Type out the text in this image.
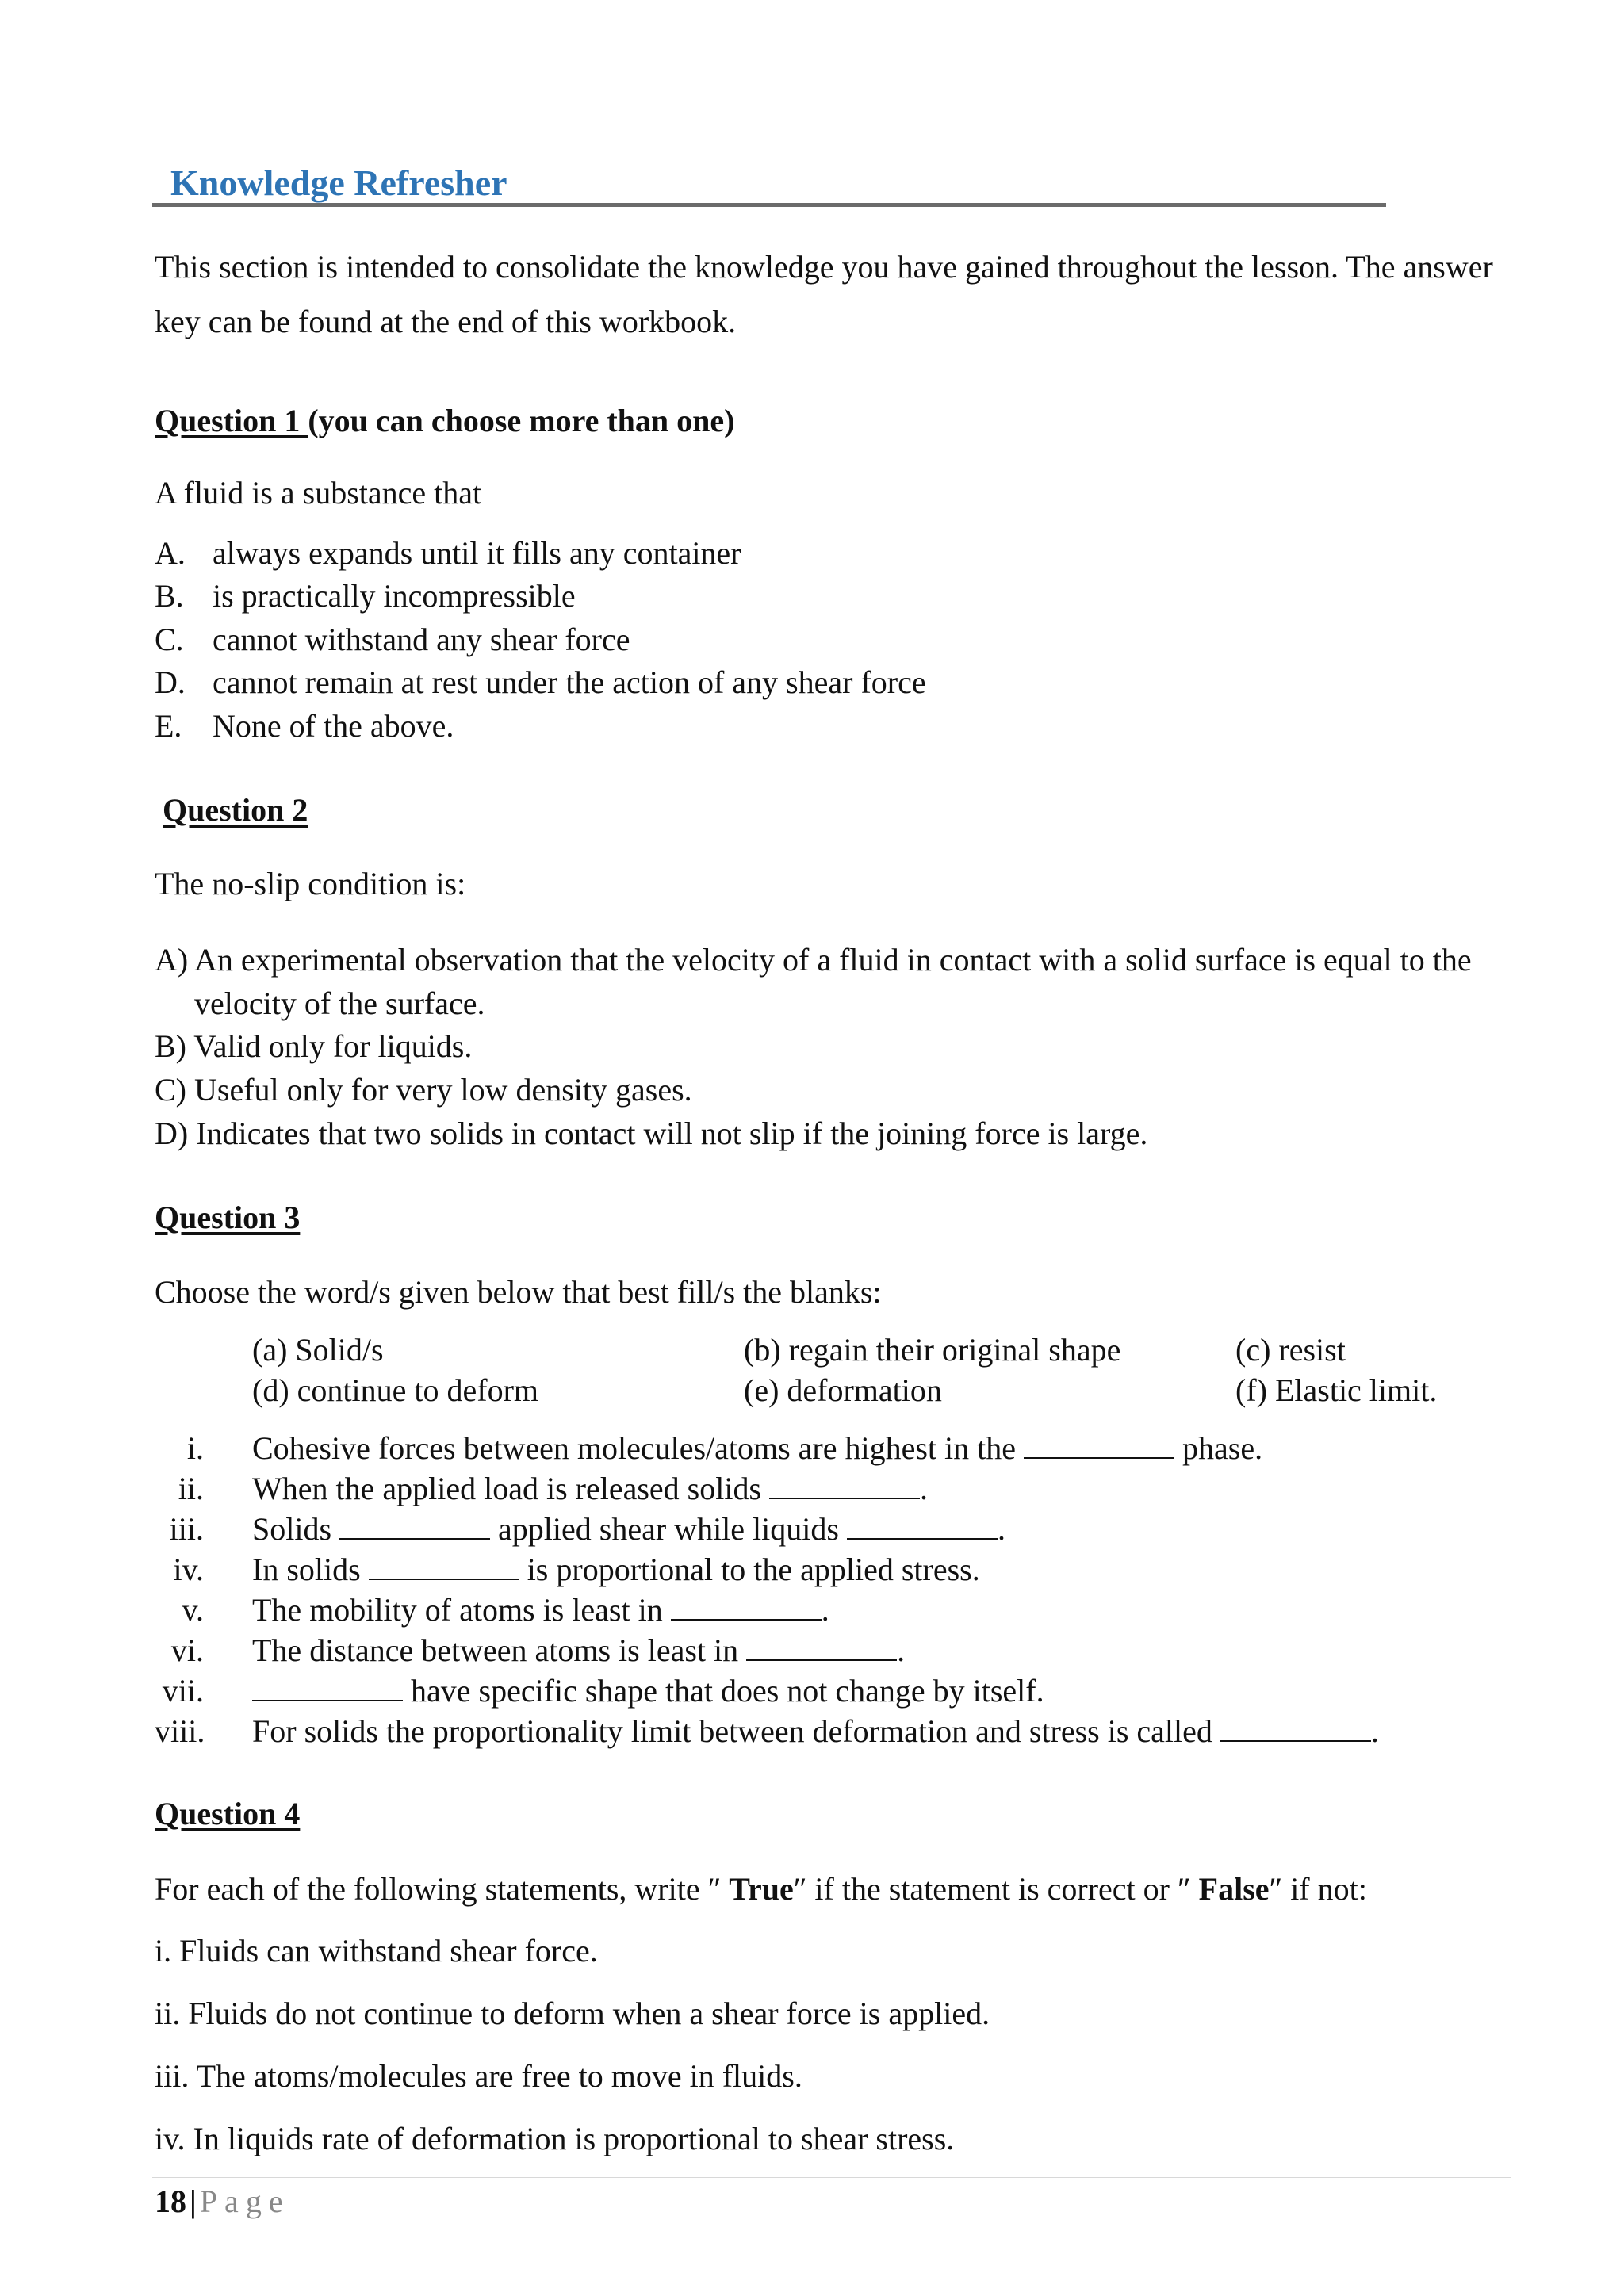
Knowledge Refresher
This section is intended to consolidate the knowledge you have gained throughout the lesson. The answer
key can be found at the end of this workbook.
Question 1 (you can choose more than one)
A fluid is a substance that
A. always expands until it fills any container
B. is practically incompressible
C. cannot withstand any shear force
D. cannot remain at rest under the action of any shear force
E. None of the above.
Question 2
The no-slip condition is:
A) An experimental observation that the velocity of a fluid in contact with a solid surface is equal to the
velocity of the surface.
B) Valid only for liquids.
C) Useful only for very low density gases.
D) Indicates that two solids in contact will not slip if the joining force is large.
Question 3
Choose the word/s given below that best fill/s the blanks:
(a) Solid/s	(b) regain their original shape	(c) resist
(d) continue to deform	(e) deformation	(f) Elastic limit.
i. Cohesive forces between molecules/atoms are highest in the	phase.
ii. When the applied load is released solids	.
iii. Solids	applied shear while liquids	.
iv. In solids	is proportional to the applied stress.
v. The mobility of atoms is least in	.
vi. The distance between atoms is least in	.
vii.	have specific shape that does not change by itself.
viii. For solids the proportionality limit between deformation and stress is called	.
Question 4
For each of the following statements, write ″ True″ if the statement is correct or ″ False″ if not:
i. Fluids can withstand shear force.
ii. Fluids do not continue to deform when a shear force is applied.
iii. The atoms/molecules are free to move in fluids.
iv. In liquids rate of deformation is proportional to shear stress.
18 | Page
